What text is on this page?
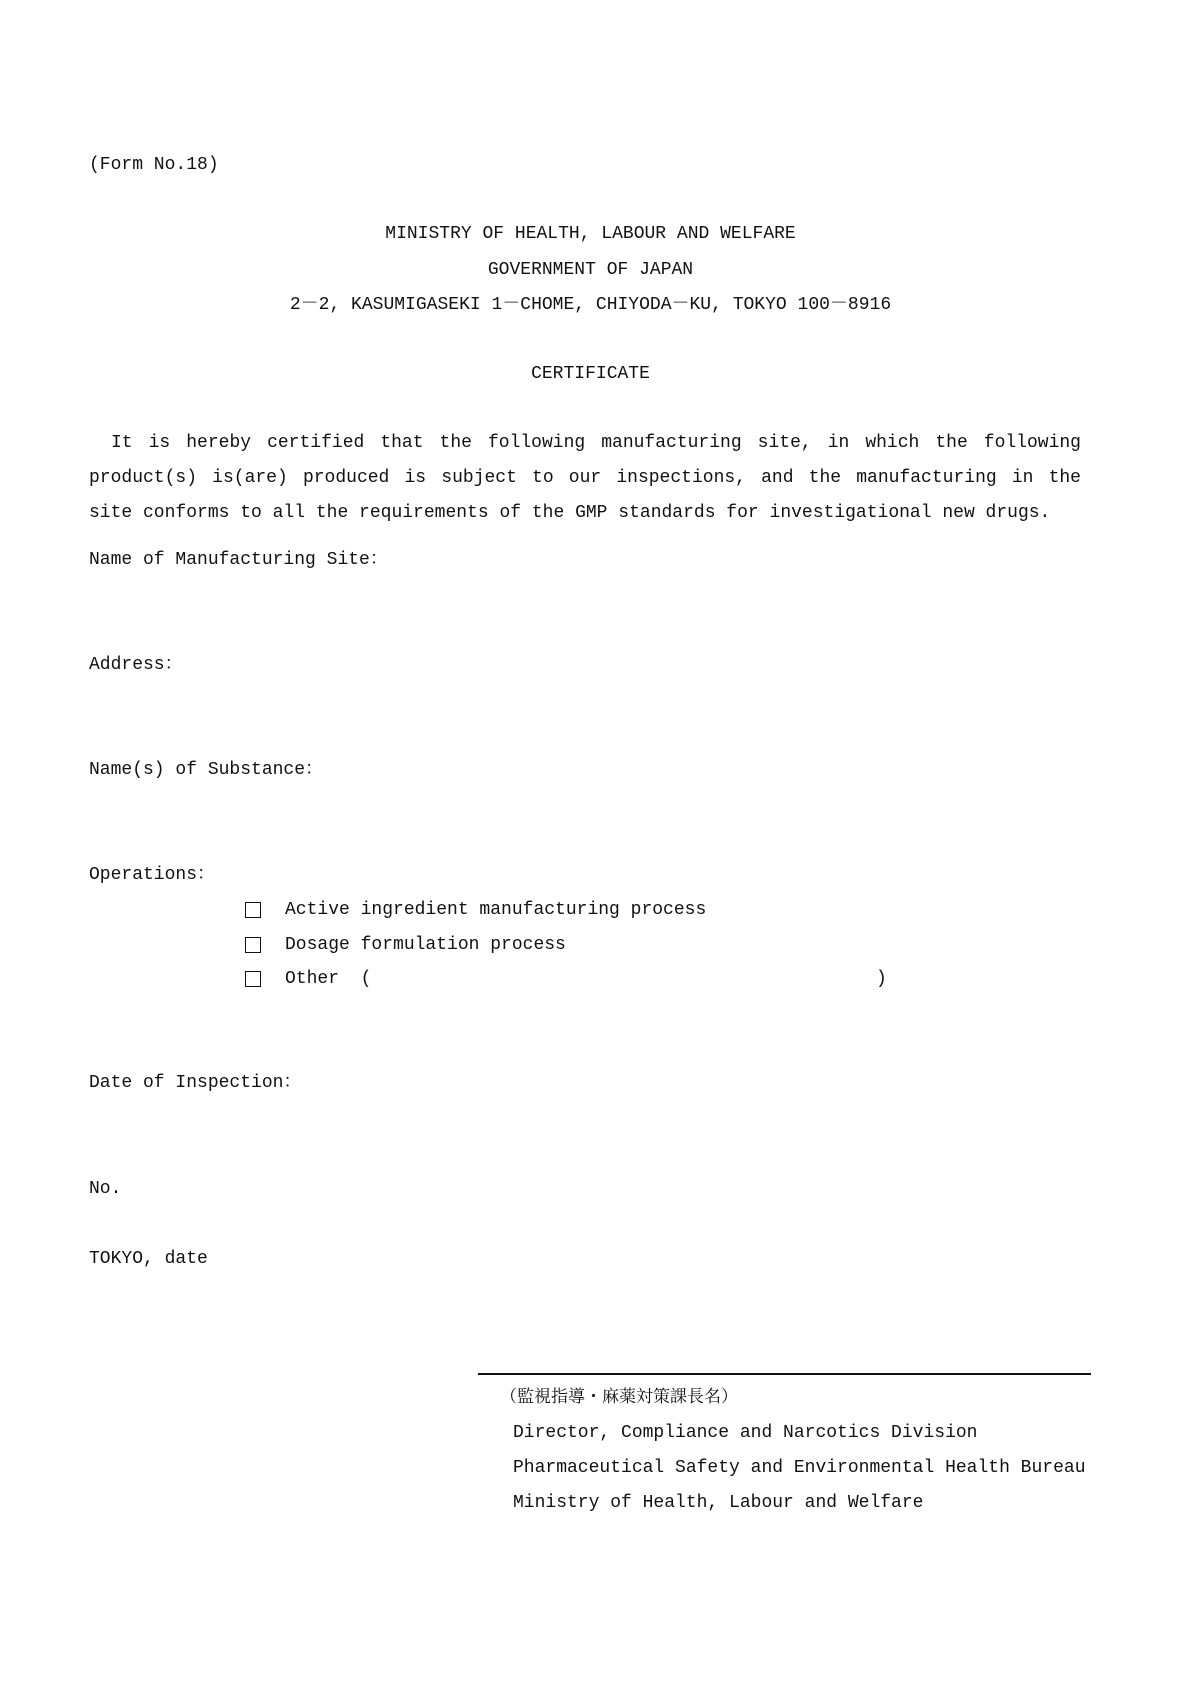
(Form No.18)
MINISTRY OF HEALTH, LABOUR AND WELFARE
GOVERNMENT OF JAPAN
2－2, KASUMIGASEKI 1－CHOME, CHIYODA－KU, TOKYO 100－8916
CERTIFICATE
It is hereby certified that the following manufacturing site, in which the following product(s) is(are) produced is subject to our inspections, and the manufacturing in the site conforms to all the requirements of the GMP standards for investigational new drugs.
Name of Manufacturing Site：
Address：
Name(s) of Substance：
Operations：
Active ingredient manufacturing process
Dosage formulation process
Other  (	)
Date of Inspection：
No.
TOKYO, date
（監視指導・麻薬対策課長名）
Director, Compliance and Narcotics Division
Pharmaceutical Safety and Environmental Health Bureau
Ministry of Health, Labour and Welfare
